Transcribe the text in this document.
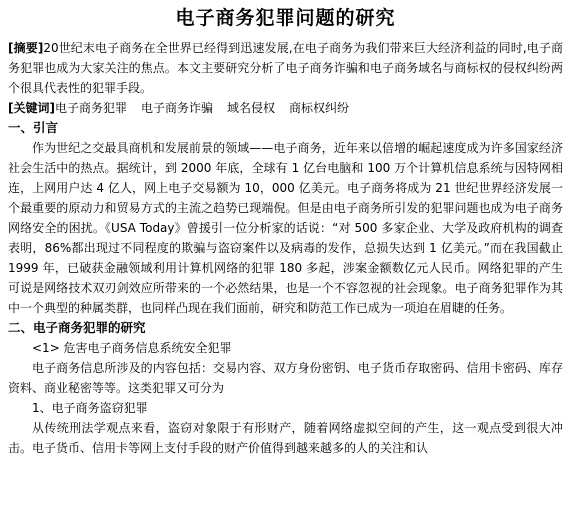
电子商务犯罪问题的研究

[摘要]20世纪末电子商务在全世界已经得到迅速发展,在电子商务为我们带来巨大经济利益的同时,电子商务犯罪也成为大家关注的焦点。本文主要研究分析了电子商务诈骗和电子商务域名与商标权的侵权纠纷两个很具代表性的犯罪手段。

[关键词]电子商务犯罪 电子商务诈骗 域名侵权 商标权纠纷

一、引言

作为世纪之交最具商机和发展前景的领域——电子商务，近年来以倍增的崛起速度成为许多国家经济社会生活中的热点。据统计，到 2000 年底，全球有 1 亿台电脑和 100 万个计算机信息系统与因特网相连，上网用户达 4 亿人，网上电子交易额为 10，000 亿美元。电子商务将成为 21 世纪世界经济发展一个最重要的原动力和贸易方式的主流之趋势已现端倪。但是由电子商务所引发的犯罪问题也成为电子商务网络安全的困扰。《USA Today》曾援引一位分析家的话说：“对 500 多家企业、大学及政府机构的调查表明，86%都出现过不同程度的欺骗与盗窃案件以及病毒的发作，总损失达到 1 亿美元。”而在我国截止 1999 年，已破获金融领域利用计算机网络的犯罪 180 多起，涉案金额数亿元人民币。网络犯罪的产生可说是网络技术双刃剑效应所带来的一个必然结果，也是一个不容忽视的社会现象。电子商务犯罪作为其中一个典型的种属类群，也同样凸现在我们面前，研究和防范工作已成为一项迫在眉睫的任务。

二、电子商务犯罪的研究

<1> 危害电子商务信息系统安全犯罪

电子商务信息所涉及的内容包括：交易内容、双方身份密钥、电子货币存取密码、信用卡密码、库存资料、商业秘密等等。这类犯罪又可分为

1、电子商务盗窃犯罪

从传统刑法学观点来看，盗窃对象限于有形财产，随着网络虚拟空间的产生，这一观点受到很大冲击。电子货币、信用卡等网上支付手段的财产价值得到越来越多的人的关注和认
